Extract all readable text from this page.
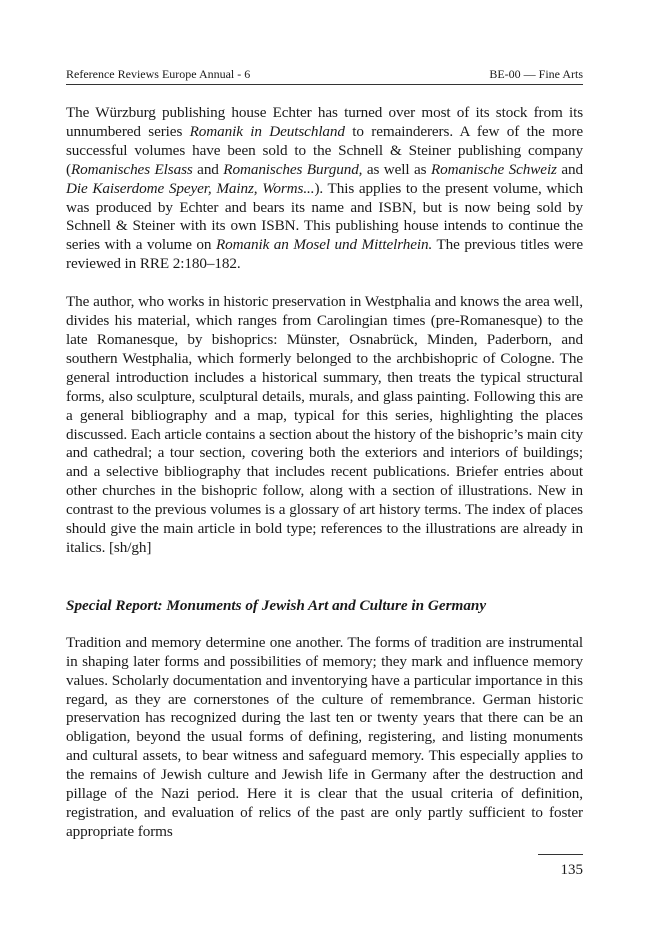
Reference Reviews Europe Annual - 6	BE-00 — Fine Arts

The Würzburg publishing house Echter has turned over most of its stock from its unnumbered series Romanik in Deutschland to remainderers. A few of the more successful volumes have been sold to the Schnell & Steiner publishing company (Romanisches Elsass and Romanisches Burgund, as well as Romanische Schweiz and Die Kaiserdome Speyer, Mainz, Worms...). This applies to the present volume, which was produced by Echter and bears its name and ISBN, but is now being sold by Schnell & Steiner with its own ISBN. This publishing house intends to continue the series with a volume on Romanik an Mosel und Mittelrhein. The previous titles were reviewed in RRE 2:180–182.

The author, who works in historic preservation in Westphalia and knows the area well, divides his material, which ranges from Carolingian times (pre-Romanesque) to the late Romanesque, by bishoprics: Münster, Osnabrück, Minden, Paderborn, and southern Westphalia, which formerly belonged to the archbishopric of Cologne. The general introduction includes a historical summary, then treats the typical structural forms, also sculpture, sculptural details, murals, and glass painting. Following this are a general bibliography and a map, typical for this series, highlighting the places discussed. Each article contains a section about the history of the bishopric’s main city and cathedral; a tour section, covering both the exteriors and interiors of buildings; and a selective bibliography that includes recent publications. Briefer entries about other churches in the bishopric follow, along with a section of illustrations. New in contrast to the previous volumes is a glossary of art history terms. The index of places should give the main article in bold type; references to the illustrations are already in italics. [sh/gh]

Special Report: Monuments of Jewish Art and Culture in Germany

Tradition and memory determine one another. The forms of tradition are instrumental in shaping later forms and possibilities of memory; they mark and influence memory values. Scholarly documentation and inventorying have a particular importance in this regard, as they are cornerstones of the culture of remembrance. German historic preservation has recognized during the last ten or twenty years that there can be an obligation, beyond the usual forms of defining, registering, and listing monuments and cultural assets, to bear witness and safeguard memory. This especially applies to the remains of Jewish culture and Jewish life in Germany after the destruction and pillage of the Nazi period. Here it is clear that the usual criteria of definition, registration, and evaluation of relics of the past are only partly sufficient to foster appropriate forms

135
